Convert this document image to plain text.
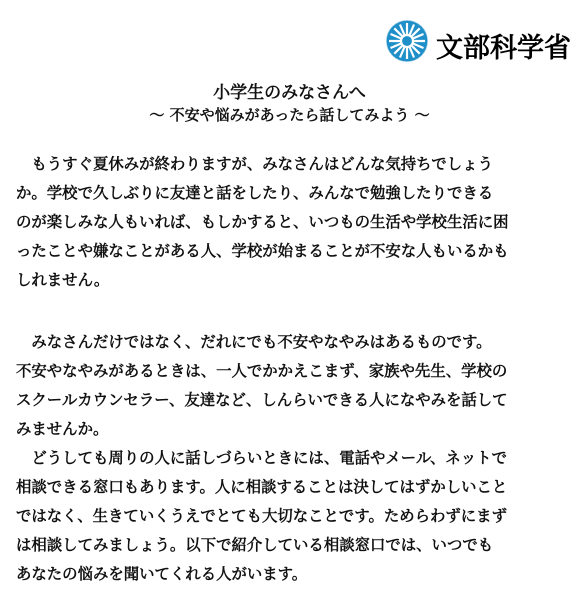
文部科学省
小学生のみなさんへ
～ 不安や悩みがあったら話してみよう ～
　もうすぐ夏休みが終わりますが、みなさんはどんな気持ちでしょう
か。学校で久しぶりに友達と話をしたり、みんなで勉強したりできる
のが楽しみな人もいれば、もしかすると、いつもの生活や学校生活に困
ったことや嫌なことがある人、学校が始まることが不安な人もいるかも
しれません。
　みなさんだけではなく、だれにでも不安やなやみはあるものです。
不安やなやみがあるときは、一人でかかえこまず、家族や先生、学校の
スクールカウンセラー、友達など、しんらいできる人になやみを話して
みませんか。
　どうしても周りの人に話しづらいときには、電話やメール、ネットで
相談できる窓口もあります。人に相談することは決してはずかしいこと
ではなく、生きていくうえでとても大切なことです。ためらわずにまず
は相談してみましょう。以下で紹介している相談窓口では、いつでも
あなたの悩みを聞いてくれる人がいます。
